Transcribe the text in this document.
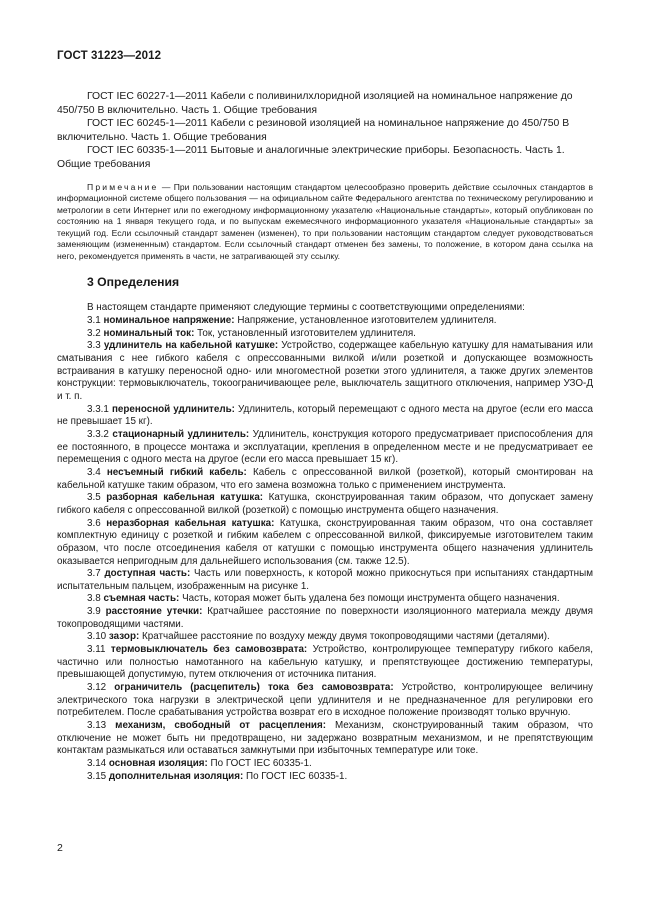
ГОСТ 31223—2012

ГОСТ IEC 60227-1—2011 Кабели с поливинилхлоридной изоляцией на номинальное напряжение до 450/750 В включительно. Часть 1. Общие требования

ГОСТ IEC 60245-1—2011 Кабели с резиновой изоляцией на номинальное напряжение до 450/750 В включительно. Часть 1. Общие требования

ГОСТ IEC 60335-1—2011 Бытовые и аналогичные электрические приборы. Безопасность. Часть 1. Общие требования

Примечание — При пользовании настоящим стандартом целесообразно проверить действие ссылочных стандартов в информационной системе общего пользования — на официальном сайте Федерального агентства по техническому регулированию и метрологии в сети Интернет или по ежегодному информационному указателю «Национальные стандарты», который опубликован по состоянию на 1 января текущего года, и по выпускам ежемесячного информационного указателя «Национальные стандарты» за текущий год. Если ссылочный стандарт заменен (изменен), то при пользовании настоящим стандартом следует руководствоваться заменяющим (измененным) стандартом. Если ссылочный стандарт отменен без замены, то положение, в котором дана ссылка на него, рекомендуется применять в части, не затрагивающей эту ссылку.

3 Определения

В настоящем стандарте применяют следующие термины с соответствующими определениями:

3.1 номинальное напряжение: Напряжение, установленное изготовителем удлинителя.

3.2 номинальный ток: Ток, установленный изготовителем удлинителя.

3.3 удлинитель на кабельной катушке: Устройство, содержащее кабельную катушку для наматывания или сматывания с нее гибкого кабеля с опрессованными вилкой и/или розеткой и допускающее возможность встраивания в катушку переносной одно- или многоместной розетки этого удлинителя, а также других элементов конструкции: термовыключатель, токоограничивающее реле, выключатель защитного отключения, например УЗО-Д и т. п.

3.3.1 переносной удлинитель: Удлинитель, который перемещают с одного места на другое (если его масса не превышает 15 кг).

3.3.2 стационарный удлинитель: Удлинитель, конструкция которого предусматривает приспособления для ее постоянного, в процессе монтажа и эксплуатации, крепления в определенном месте и не предусматривает ее перемещения с одного места на другое (если его масса превышает 15 кг).

3.4 несъемный гибкий кабель: Кабель с опрессованной вилкой (розеткой), который смонтирован на кабельной катушке таким образом, что его замена возможна только с применением инструмента.

3.5 разборная кабельная катушка: Катушка, сконструированная таким образом, что допускает замену гибкого кабеля с опрессованной вилкой (розеткой) с помощью инструмента общего назначения.

3.6 неразборная кабельная катушка: Катушка, сконструированная таким образом, что она составляет комплектную единицу с розеткой и гибким кабелем с опрессованной вилкой, фиксируемые изготовителем таким образом, что после отсоединения кабеля от катушки с помощью инструмента общего назначения удлинитель оказывается непригодным для дальнейшего использования (см. также 12.5).

3.7 доступная часть: Часть или поверхность, к которой можно прикоснуться при испытаниях стандартным испытательным пальцем, изображенным на рисунке 1.

3.8 съемная часть: Часть, которая может быть удалена без помощи инструмента общего назначения.

3.9 расстояние утечки: Кратчайшее расстояние по поверхности изоляционного материала между двумя токопроводящими частями.

3.10 зазор: Кратчайшее расстояние по воздуху между двумя токопроводящими частями (деталями).

3.11 термовыключатель без самовозврата: Устройство, контролирующее температуру гибкого кабеля, частично или полностью намотанного на кабельную катушку, и препятствующее достижению температуры, превышающей допустимую, путем отключения от источника питания.

3.12 ограничитель (расцепитель) тока без самовозврата: Устройство, контролирующее величину электрического тока нагрузки в электрической цепи удлинителя и не предназначенное для регулировки его потребителем. После срабатывания устройства возврат его в исходное положение производят только вручную.

3.13 механизм, свободный от расцепления: Механизм, сконструированный таким образом, что отключение не может быть ни предотвращено, ни задержано возвратным механизмом, и не препятствующим контактам размыкаться или оставаться замкнутыми при избыточных температуре или токе.

3.14 основная изоляция: По ГОСТ IEC 60335-1.

3.15 дополнительная изоляция: По ГОСТ IEC 60335-1.

2
